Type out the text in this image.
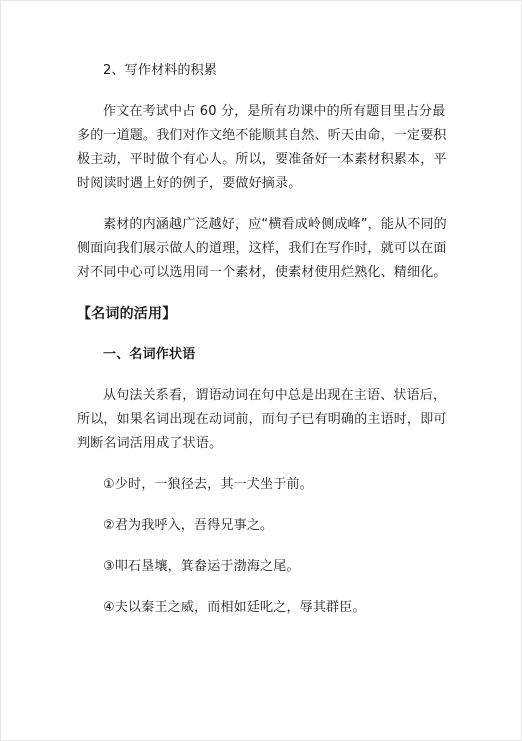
2、写作材料的积累

作文在考试中占 60 分，是所有功课中的所有题目里占分最多的一道题。我们对作文绝不能顺其自然、听天由命，一定要积极主动，平时做个有心人。所以，要准备好一本素材积累本，平时阅读时遇上好的例子，要做好摘录。

素材的内涵越广泛越好，应“横看成岭侧成峰”，能从不同的侧面向我们展示做人的道理，这样，我们在写作时，就可以在面对不同中心可以选用同一个素材，使素材使用烂熟化、精细化。

【名词的活用】

一、名词作状语

从句法关系看，谓语动词在句中总是出现在主语、状语后，所以，如果名词出现在动词前，而句子已有明确的主语时，即可判断名词活用成了状语。

①少时，一狼径去，其一犬坐于前。

②君为我呼入，吾得兄事之。

③叩石垦壤，箕畚运于渤海之尾。

④夫以秦王之威，而相如廷叱之，辱其群臣。
